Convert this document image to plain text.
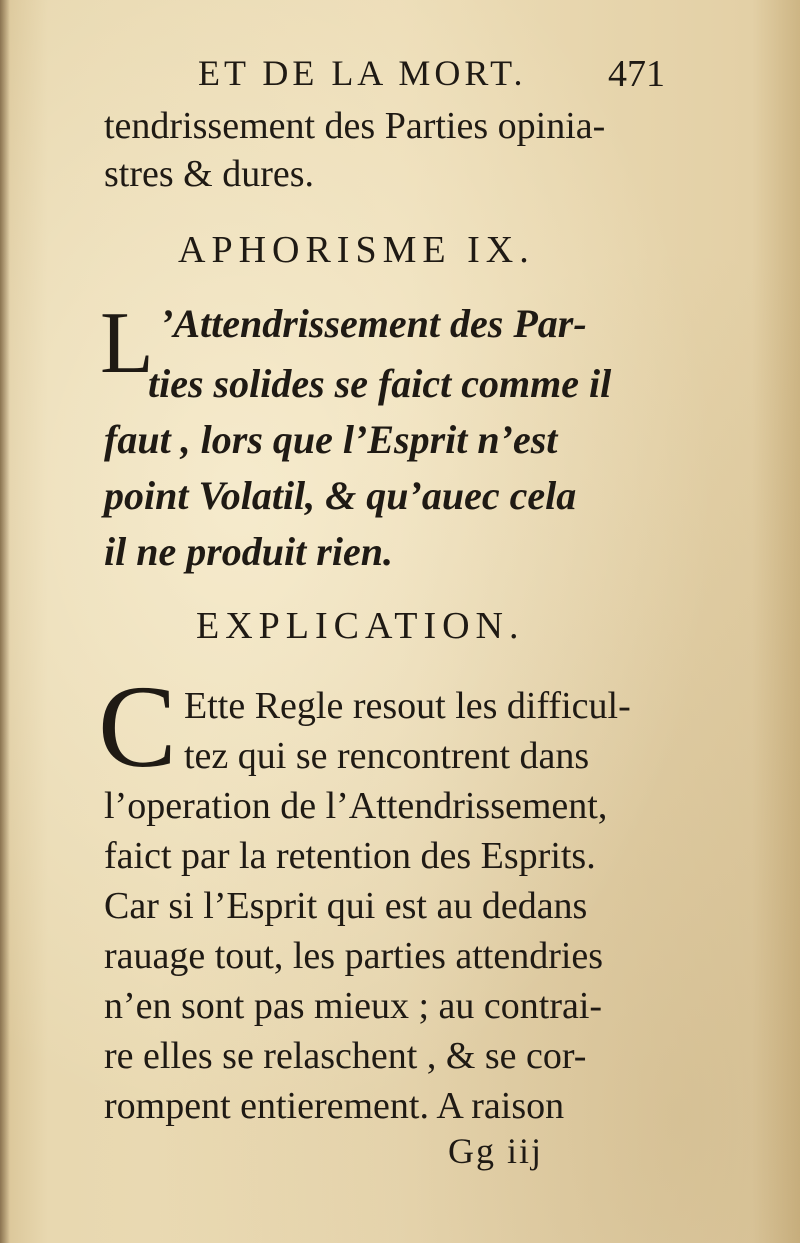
ET DE LA MORT. 471
tendrissement des Parties opinia-
stres & dures.
APHORISME IX.
L ’Attendrissement des Par-
ties solides se faict comme il
faut , lors que l’Esprit n’est
point Volatil, & qu’auec cela
il ne produit rien.
EXPLICATION.
C Ette Regle resout les difficul-
tez qui se rencontrent dans
l’operation de l’Attendrissement,
faict par la retention des Esprits.
Car si l’Esprit qui est au dedans
rauage tout, les parties attendries
n’en sont pas mieux ; au contrai-
re elles se relaschent , & se cor-
rompent entierement. A raison
Gg iij
